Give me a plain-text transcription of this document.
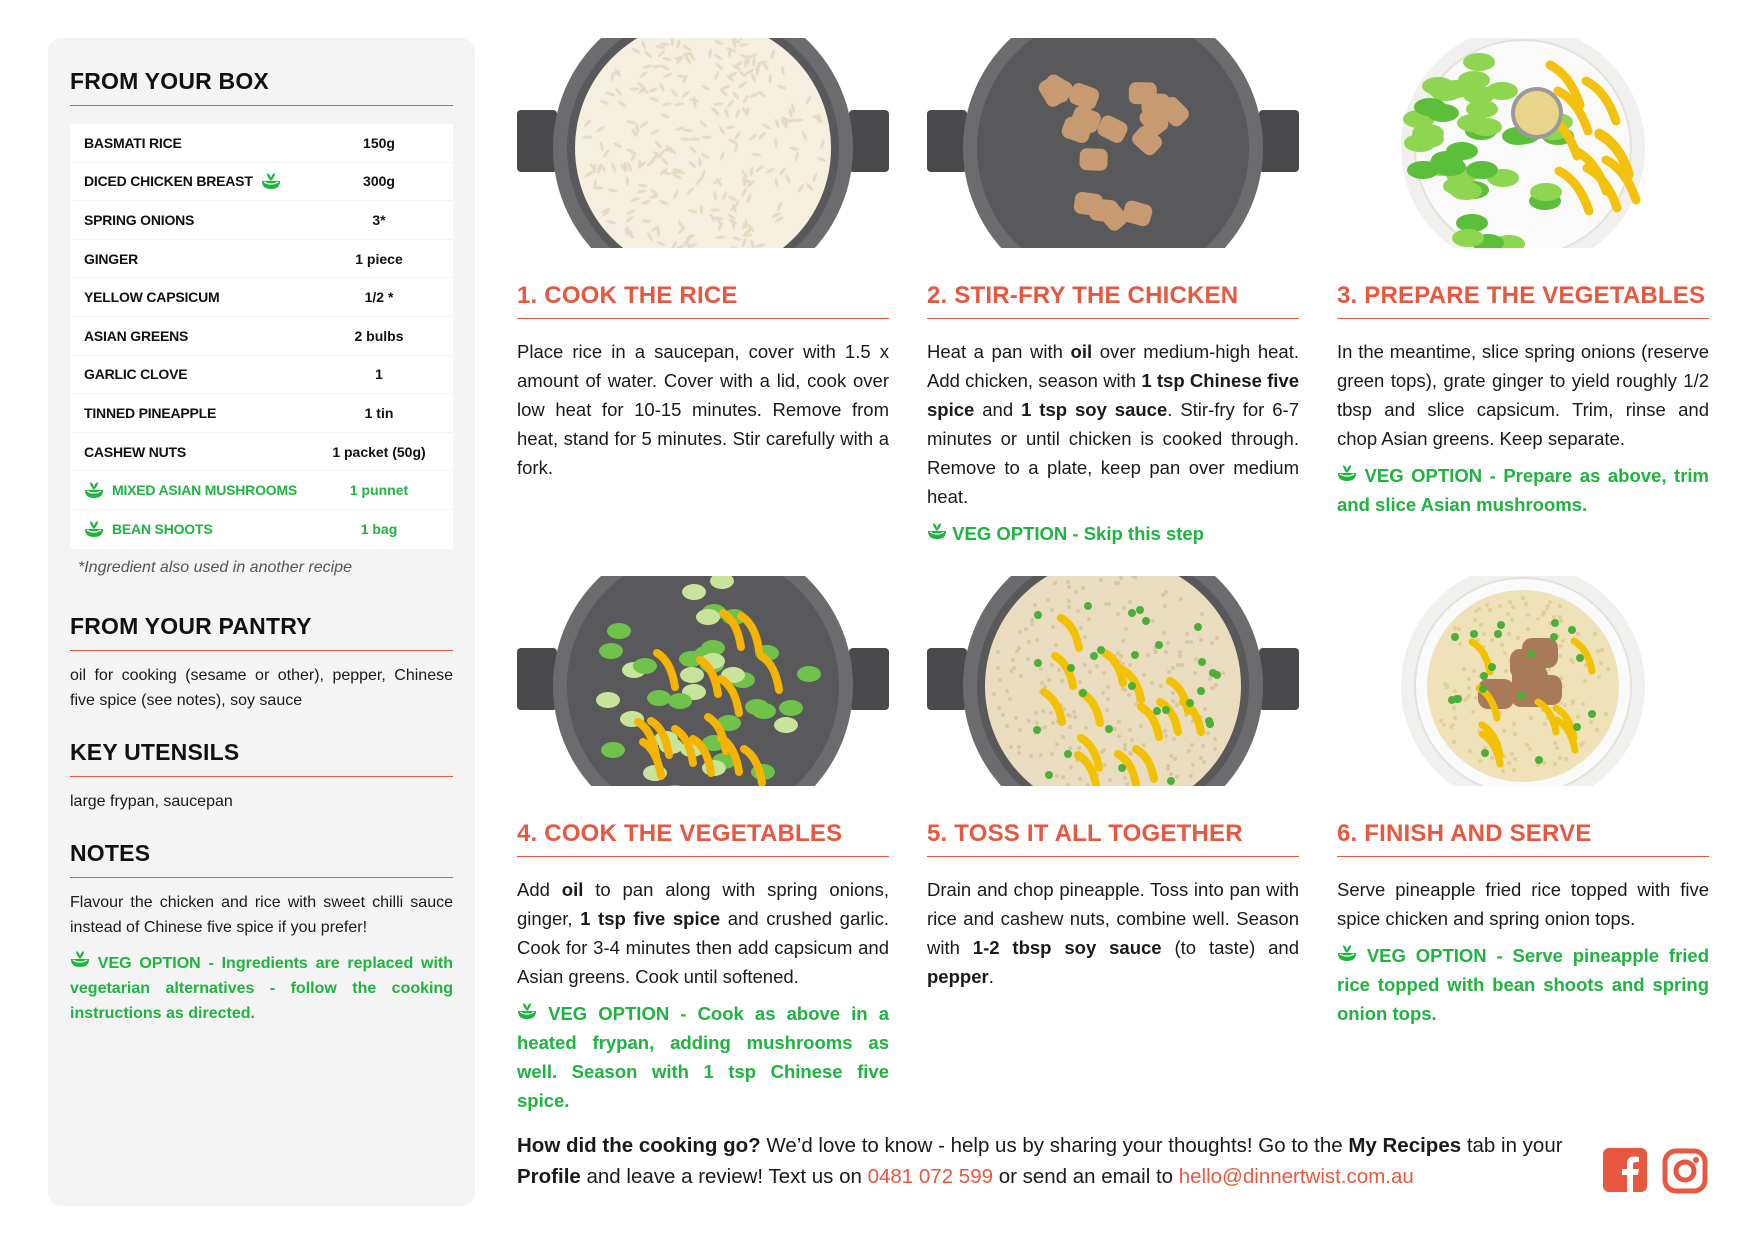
FROM YOUR BOX
BASMATI RICE	150g
DICED CHICKEN BREAST	300g
SPRING ONIONS	3*
GINGER	1 piece
YELLOW CAPSICUM	1/2 *
ASIAN GREENS	2 bulbs
GARLIC CLOVE	1
TINNED PINEAPPLE	1 tin
CASHEW NUTS	1 packet (50g)
MIXED ASIAN MUSHROOMS	1 punnet
BEAN SHOOTS	1 bag
*Ingredient also used in another recipe
FROM YOUR PANTRY
oil for cooking (sesame or other), pepper, Chinese five spice (see notes), soy sauce
KEY UTENSILS
large frypan, saucepan
NOTES
Flavour the chicken and rice with sweet chilli sauce instead of Chinese five spice if you prefer!
VEG OPTION - Ingredients are replaced with vegetarian alternatives - follow the cooking instructions as directed.
1. COOK THE RICE
Place rice in a saucepan, cover with 1.5 x amount of water. Cover with a lid, cook over low heat for 10-15 minutes. Remove from heat, stand for 5 minutes. Stir carefully with a fork.
2. STIR-FRY THE CHICKEN
Heat a pan with oil over medium-high heat. Add chicken, season with 1 tsp Chinese five spice and 1 tsp soy sauce. Stir-fry for 6-7 minutes or until chicken is cooked through. Remove to a plate, keep pan over medium heat.
VEG OPTION - Skip this step
3. PREPARE THE VEGETABLES
In the meantime, slice spring onions (reserve green tops), grate ginger to yield roughly 1/2 tbsp and slice capsicum. Trim, rinse and chop Asian greens. Keep separate.
VEG OPTION - Prepare as above, trim and slice Asian mushrooms.
4. COOK THE VEGETABLES
Add oil to pan along with spring onions, ginger, 1 tsp five spice and crushed garlic. Cook for 3-4 minutes then add capsicum and Asian greens. Cook until softened.
VEG OPTION - Cook as above in a heated frypan, adding mushrooms as well. Season with 1 tsp Chinese five spice.
5. TOSS IT ALL TOGETHER
Drain and chop pineapple. Toss into pan with rice and cashew nuts, combine well. Season with 1-2 tbsp soy sauce (to taste) and pepper.
6. FINISH AND SERVE
Serve pineapple fried rice topped with five spice chicken and spring onion tops.
VEG OPTION - Serve pineapple fried rice topped with bean shoots and spring onion tops.
How did the cooking go? We’d love to know - help us by sharing your thoughts! Go to the My Recipes tab in your Profile and leave a review! Text us on 0481 072 599 or send an email to hello@dinnertwist.com.au
